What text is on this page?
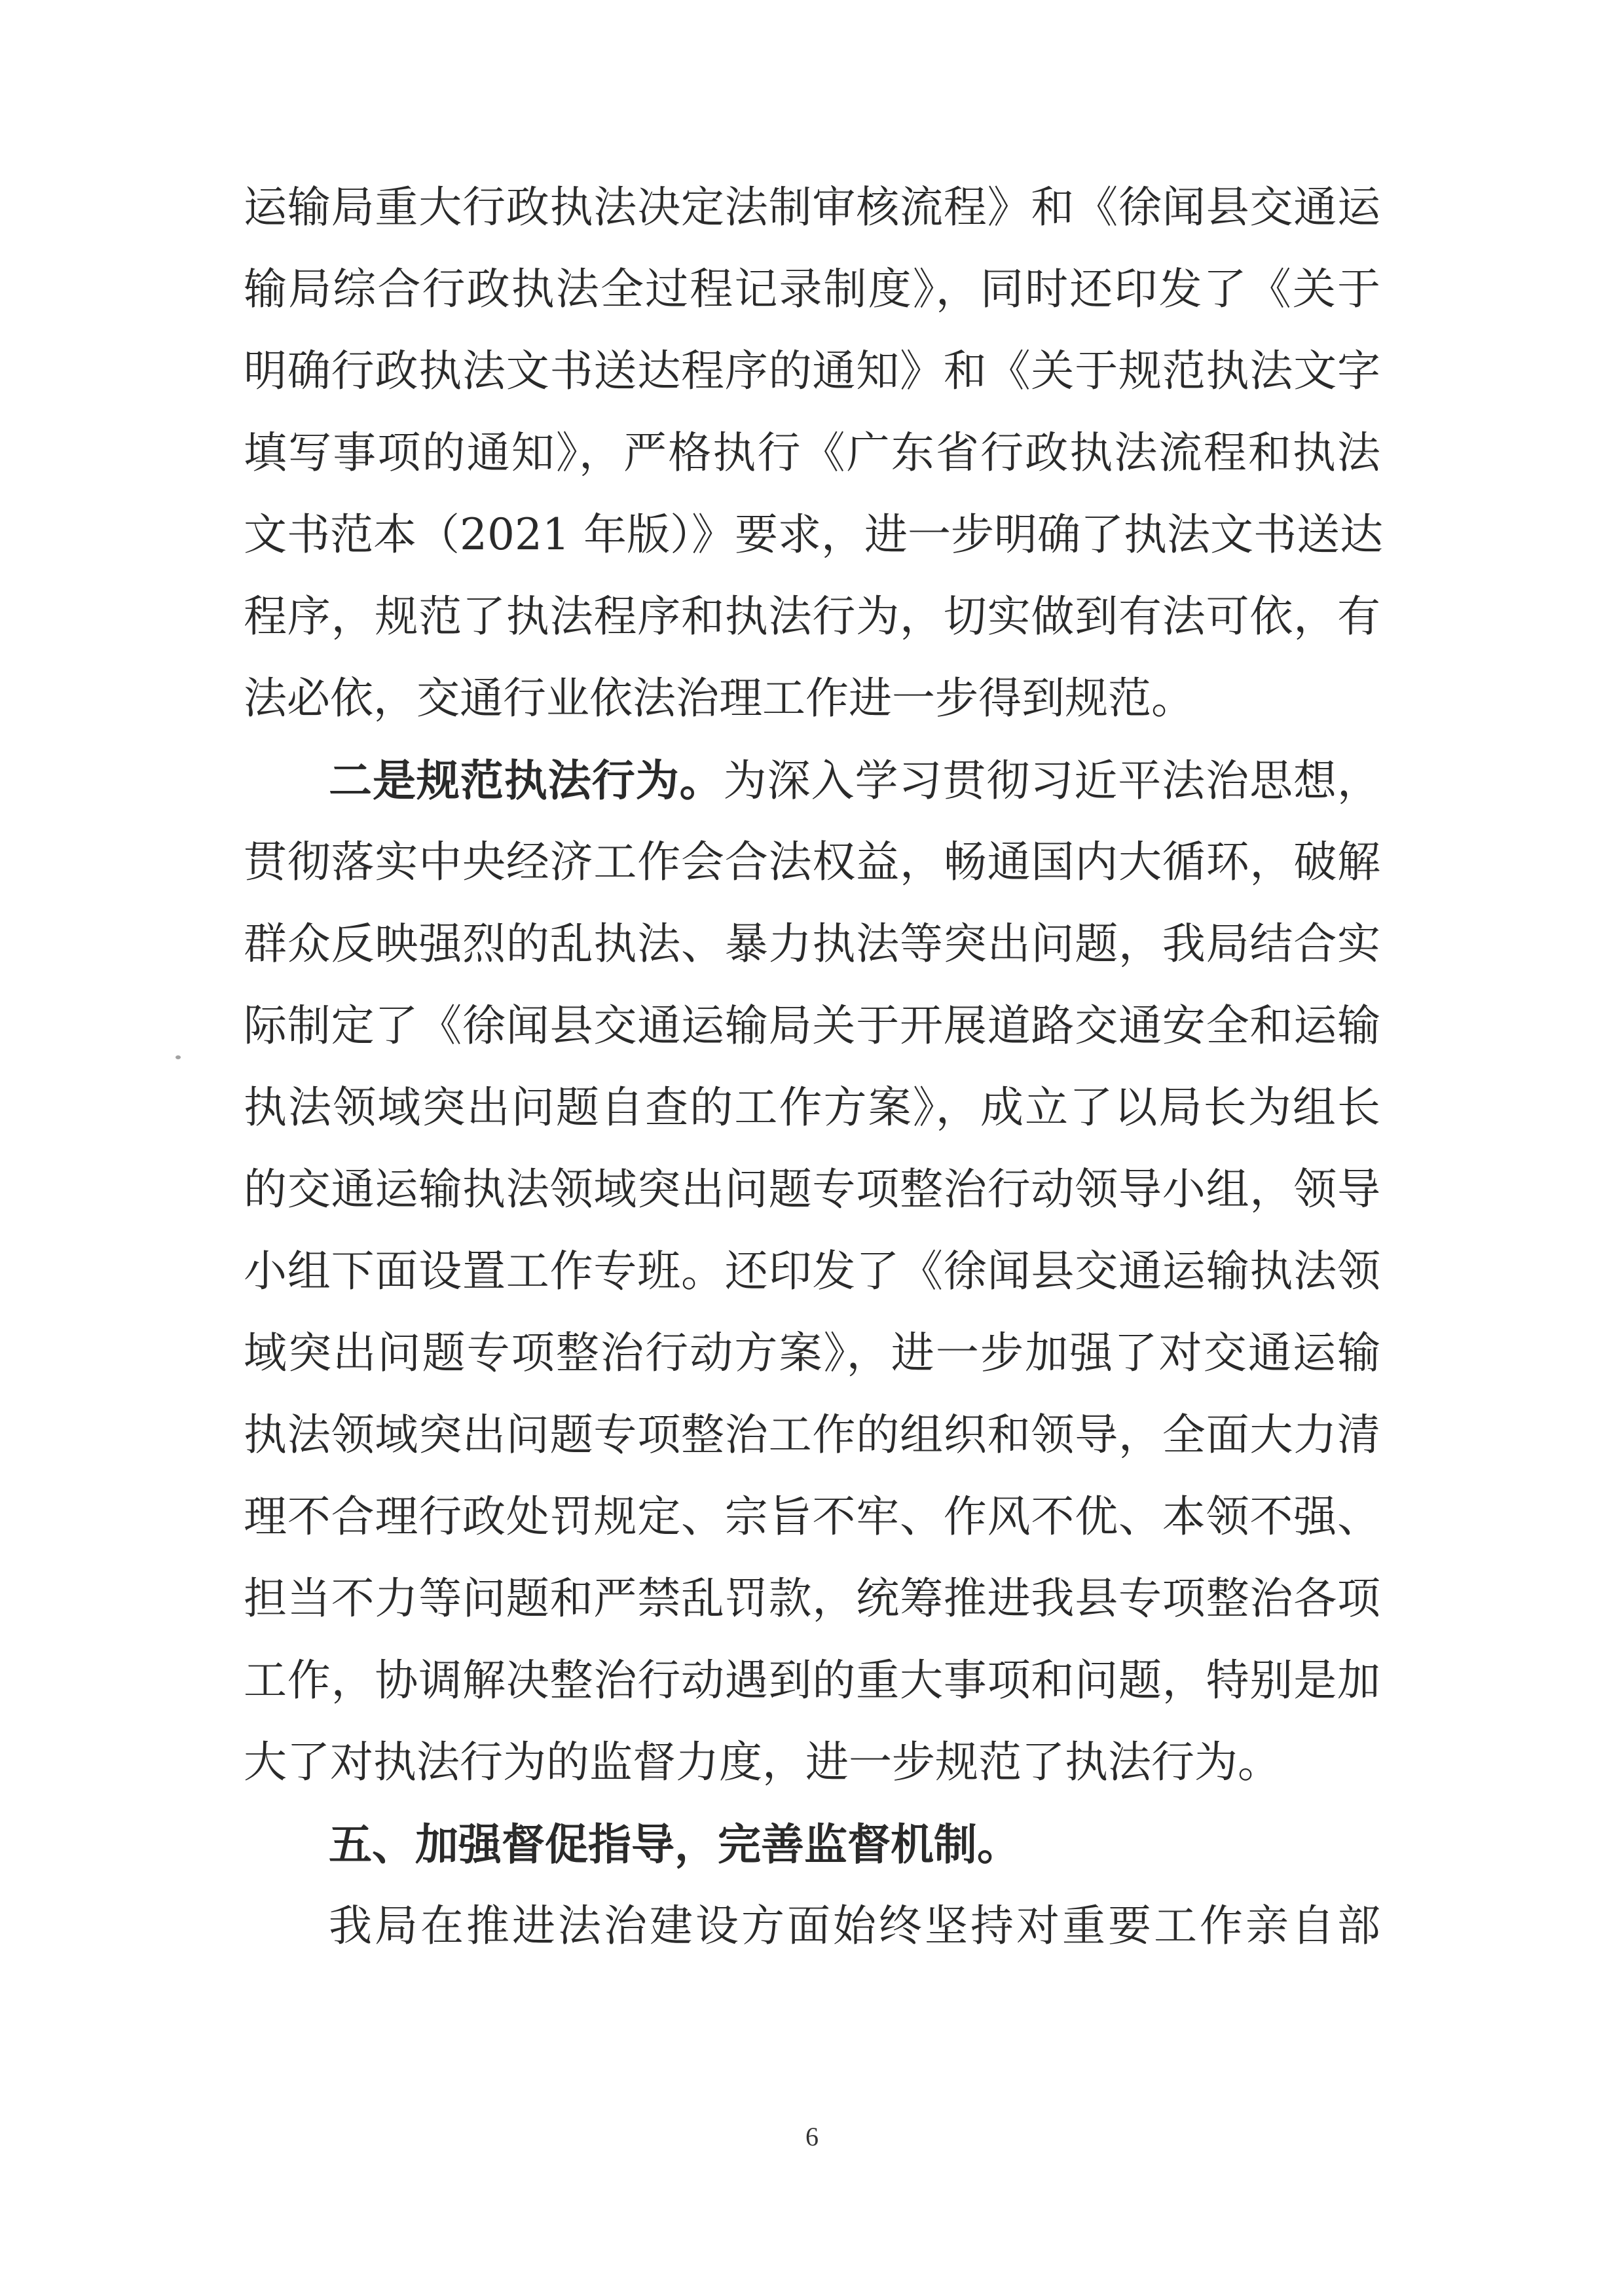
运输局重大行政执法决定法制审核流程》和《徐闻县交通运
输局综合行政执法全过程记录制度》，同时还印发了《关于
明确行政执法文书送达程序的通知》和《关于规范执法文字
填写事项的通知》，严格执行《广东省行政执法流程和执法
文书范本（2021 年版）》要求，进一步明确了执法文书送达
程序，规范了执法程序和执法行为，切实做到有法可依，有
法必依，交通行业依法治理工作进一步得到规范。
二是规范执法行为。为深入学习贯彻习近平法治思想，
贯彻落实中央经济工作会合法权益，畅通国内大循环，破解
群众反映强烈的乱执法、暴力执法等突出问题，我局结合实
际制定了《徐闻县交通运输局关于开展道路交通安全和运输
执法领域突出问题自查的工作方案》，成立了以局长为组长
的交通运输执法领域突出问题专项整治行动领导小组，领导
小组下面设置工作专班。还印发了《徐闻县交通运输执法领
域突出问题专项整治行动方案》，进一步加强了对交通运输
执法领域突出问题专项整治工作的组织和领导，全面大力清
理不合理行政处罚规定、宗旨不牢、作风不优、本领不强、
担当不力等问题和严禁乱罚款，统筹推进我县专项整治各项
工作，协调解决整治行动遇到的重大事项和问题，特别是加
大了对执法行为的监督力度，进一步规范了执法行为。
五、加强督促指导，完善监督机制。
我局在推进法治建设方面始终坚持对重要工作亲自部
6
